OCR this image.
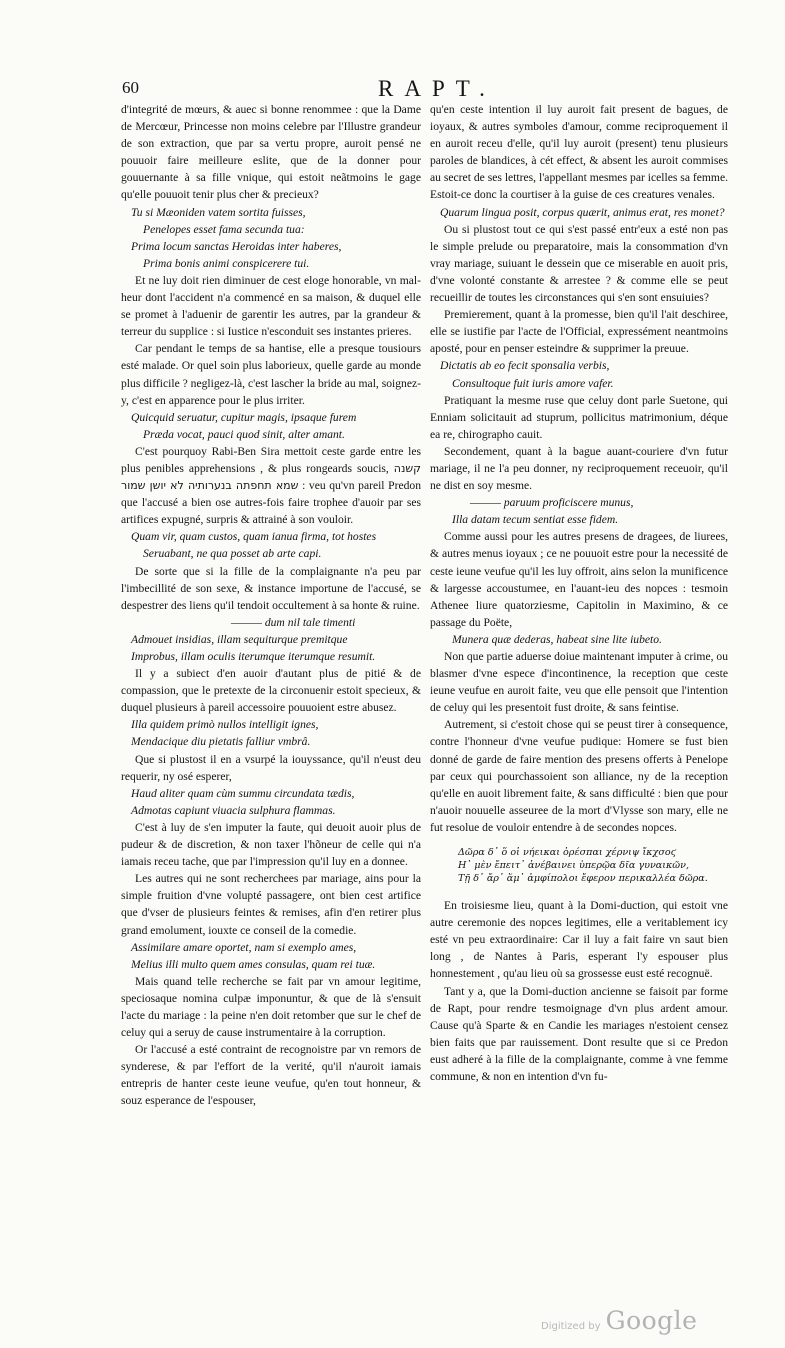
60	RAPT.

d'integrité de mœurs, & auec si bonne renommee : que la Dame de Mercœur, Princesse non moins celebre par l'Illustre grandeur de son extraction, que par sa vertu propre, auroit pensé ne pouuoir faire meilleure eslite, que de la donner pour gouuernante à sa fille vnique, qui estoit neãtmoins le gage qu'elle pouuoit tenir plus cher & precieux?

Tu si Mæoniden vatem sortita fuisses,

Penelopes esset fama secunda tua:

Prima locum sanctas Heroidas inter haberes,

Prima bonis animi conspicerere tui.

Et ne luy doit rien diminuer de cest eloge honorable, vn mal-heur dont l'accident n'a commencé en sa maison, & duquel elle se promet à l'aduenir de garentir les autres, par la grandeur & terreur du supplice : si Iustice n'esconduit ses instantes prieres.

Car pendant le temps de sa hantise, elle a presque tousiours esté malade. Or quel soin plus laborieux, quelle garde au monde plus difficile ? negligez-là, c'est lascher la bride au mal, soignez-y, c'est en apparence pour le plus irriter.

Quicquid seruatur, cupitur magis, ipsaque furem

Præda vocat, pauci quod sinit, alter amant.

C'est pourquoy Rabi-Ben Sira mettoit ceste garde entre les plus penibles apprehensions , & plus rongeards soucis, קשנה שמא תחפתה בנערותיה לא יושן שמור : veu qu'vn pareil Predon que l'accusé a bien ose autres-fois faire trophee d'auoir par ses artifices expugné, surpris & attrainé à son vouloir.

Quam vir, quam custos, quam ianua firma, tot hostes

Seruabant, ne qua posset ab arte capi.

De sorte que si la fille de la complaignante n'a peu par l'imbecillité de son sexe, & instance importune de l'accusé, se despestrer des liens qu'il tendoit occultement à sa honte & ruine.

——— dum nil tale timenti

Admouet insidias, illam sequiturque premitque

Improbus, illam oculis iterumque iterumque resumit.

Il y a subiect d'en auoir d'autant plus de pitié & de compassion, que le pretexte de la circonuenir estoit specieux, & duquel plusieurs à pareil accessoire pouuoient estre abusez.

Illa quidem primò nullos intelligit ignes,

Mendacique diu pietatis falliur vmbrâ.

Que si plustost il en a vsurpé la iouyssance, qu'il n'eust deu requerir, ny osé esperer,

Haud aliter quam cùm summu circundata tædis,

Admotas capiunt viuacia sulphura flammas.

C'est à luy de s'en imputer la faute, qui deuoit auoir plus de pudeur & de discretion, & non taxer l'hõneur de celle qui n'a iamais receu tache, que par l'impression qu'il luy en a donnee.

Les autres qui ne sont recherchees par mariage, ains pour la simple fruition d'vne volupté passagere, ont bien cest artifice que d'vser de plusieurs feintes & remises, afin d'en retirer plus grand emolument, iouxte ce conseil de la comedie.

Assimilare amare oportet, nam si exemplo ames,

Melius illi multo quem ames consulas, quam rei tuæ.

Mais quand telle recherche se fait par vn amour legitime, speciosaque nomina culpæ imponuntur, & que de là s'ensuit l'acte du mariage : la peine n'en doit retomber que sur le chef de celuy qui a seruy de cause instrumentaire à la corruption.

Or l'accusé a esté contraint de recognoistre par vn remors de synderese, & par l'effort de la verité, qu'il n'auroit iamais entrepris de hanter ceste ieune veufue, qu'en tout honneur, & souz esperance de l'espouser,

qu'en ceste intention il luy auroit fait present de bagues, de ioyaux, & autres symboles d'amour, comme reciproquement il en auroit receu d'elle, qu'il luy auroit (present) tenu plusieurs paroles de blandices, à cét effect, & absent les auroit commises au secret de ses lettres, l'appellant mesmes par icelles sa femme. Estoit-ce donc la courtiser à la guise de ces creatures venales.

Quarum lingua posit, corpus quærit, animus erat, res monet?

Ou si plustost tout ce qui s'est passé entr'eux a esté non pas le simple prelude ou preparatoire, mais la consommation d'vn vray mariage, suiuant le dessein que ce miserable en auoit pris, d'vne volonté constante & arrestee ? & comme elle se peut recueillir de toutes les circonstances qui s'en sont ensuiuies?

Premierement, quant à la promesse, bien qu'il l'ait deschiree, elle se iustifie par l'acte de l'Official, expressément neantmoins aposté, pour en penser esteindre & supprimer la preuue.

Dictatis ab eo fecit sponsalia verbis,

Consultoque fuit iuris amore vafer.

Pratiquant la mesme ruse que celuy dont parle Suetone, qui Enniam solicitauit ad stuprum, pollicitus matrimonium, déque ea re, chirographo cauit.

Secondement, quant à la bague auant-couriere d'vn futur mariage, il ne l'a peu donner, ny reciproquement receuoir, qu'il ne dist en soy mesme.

——— paruum proficiscere munus,

Illa datam tecum sentiat esse fidem.

Comme aussi pour les autres presens de dragees, de liurees, & autres menus ioyaux ; ce ne pouuoit estre pour la necessité de ceste ieune veufue qu'il les luy offroit, ains selon la munificence & largesse accoustumee, en l'auant-ieu des nopces : tesmoin Athenee liure quatorziesme, Capitolin in Maximino, & ce passage du Poëte,

Munera quæ dederas, habeat sine lite iubeto.

Non que partie aduerse doiue maintenant imputer à crime, ou blasmer d'vne espece d'incontinence, la reception que ceste ieune veufue en auroit faite, veu que elle pensoit que l'intention de celuy qui les presentoit fust droite, & sans feintise.

Autrement, si c'estoit chose qui se peust tirer à consequence, contre l'honneur d'vne veufue pudique: Homere se fust bien donné de garde de faire mention des presens offerts à Penelope par ceux qui pourchassoient son alliance, ny de la reception qu'elle en auoit librement faite, & sans difficulté : bien que pour n'auoir nouuelle asseuree de la mort d'Vlysse son mary, elle ne fut resolue de vouloir entendre à de secondes nopces.

Δῶρα δ᾽ ὅ οἱ νήεικαι ὁρέσπαι χέρνιψ ἴκχσοϛ
Η᾽ μὲν ἔπειτ᾽ ἀνέβαινει ὑπερῷα δῖα γυναικῶν,
Τῇ δ᾽ ἄρ᾽ ἅμ᾽ ἀμφίπολοι ἔφερον περικαλλέα δῶρα.

En troisiesme lieu, quant à la Domi-duction, qui estoit vne autre ceremonie des nopces legitimes, elle a veritablement icy esté vn peu extraordinaire: Car il luy a fait faire vn saut bien long , de Nantes à Paris, esperant l'y espouser plus honnestement , qu'au lieu où sa grossesse eust esté recognuë.

Tant y a, que la Domi-duction ancienne se faisoit par forme de Rapt, pour rendre tesmoignage d'vn plus ardent amour. Cause qu'à Sparte & en Candie les mariages n'estoient censez bien faits que par rauissement. Dont resulte que si ce Predon eust adheré à la fille de la complaignante, comme à vne femme commune, & non en intention d'vn fu-

Digitized by Google
